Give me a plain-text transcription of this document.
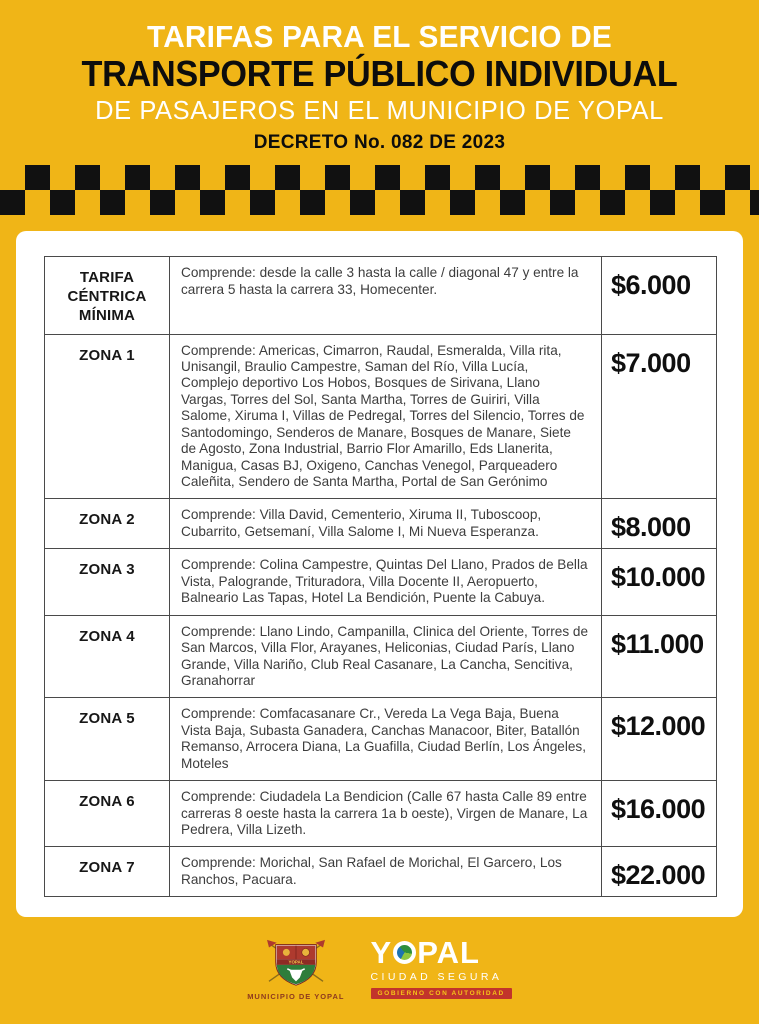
TARIFAS PARA EL SERVICIO DE
TRANSPORTE PÚBLICO INDIVIDUAL
DE PASAJEROS EN EL MUNICIPIO DE YOPAL
DECRETO No. 082 DE 2023
TARIFA CÉNTRICA MÍNIMA	Comprende: desde la calle 3 hasta la calle / diagonal 47 y entre la carrera 5 hasta la carrera 33, Homecenter.	$6.000
ZONA 1	Comprende: Americas, Cimarron, Raudal, Esmeralda, Villa rita, Unisangil, Braulio Campestre, Saman del Río, Villa Lucía, Complejo deportivo Los Hobos, Bosques de Sirivana, Llano Vargas, Torres del Sol, Santa Martha, Torres de Guiriri, Villa Salome, Xiruma I, Villas de Pedregal, Torres del Silencio, Torres de Santodomingo, Senderos de Manare, Bosques de Manare, Siete de Agosto, Zona Industrial, Barrio Flor Amarillo, Eds Llanerita, Manigua, Casas BJ, Oxigeno, Canchas Venegol, Parqueadero Caleñita, Sendero de Santa Martha, Portal de San Gerónimo	$7.000
ZONA 2	Comprende: Villa David, Cementerio, Xiruma II, Tuboscoop, Cubarrito, Getsemaní, Villa Salome I, Mi Nueva Esperanza.	$8.000
ZONA 3	Comprende: Colina Campestre, Quintas Del Llano, Prados de Bella Vista, Palogrande, Trituradora, Villa Docente II, Aeropuerto, Balneario Las Tapas, Hotel La Bendición, Puente la Cabuya.	$10.000
ZONA 4	Comprende: Llano Lindo, Campanilla, Clinica del Oriente, Torres de San Marcos, Villa Flor, Arayanes, Heliconias, Ciudad París, Llano Grande, Villa Nariño, Club Real Casanare, La Cancha, Sencitiva, Granahorrar	$11.000
ZONA 5	Comprende: Comfacasanare Cr., Vereda La Vega Baja, Buena Vista Baja, Subasta Ganadera, Canchas Manacoor, Biter, Batallón Remanso, Arrocera Diana, La Guafilla, Ciudad Berlín, Los Ángeles, Moteles	$12.000
ZONA 6	Comprende: Ciudadela La Bendicion (Calle 67 hasta Calle 89 entre carreras 8 oeste hasta la carrera 1a b oeste), Virgen de Manare, La Pedrera, Villa Lizeth.	$16.000
ZONA 7	Comprende: Morichal, San Rafael de Morichal, El Garcero, Los Ranchos, Pacuara.	$22.000
YOPAL
MUNICIPIO DE YOPAL
Y PAL
CIUDAD SEGURA
GOBIERNO CON AUTORIDAD
